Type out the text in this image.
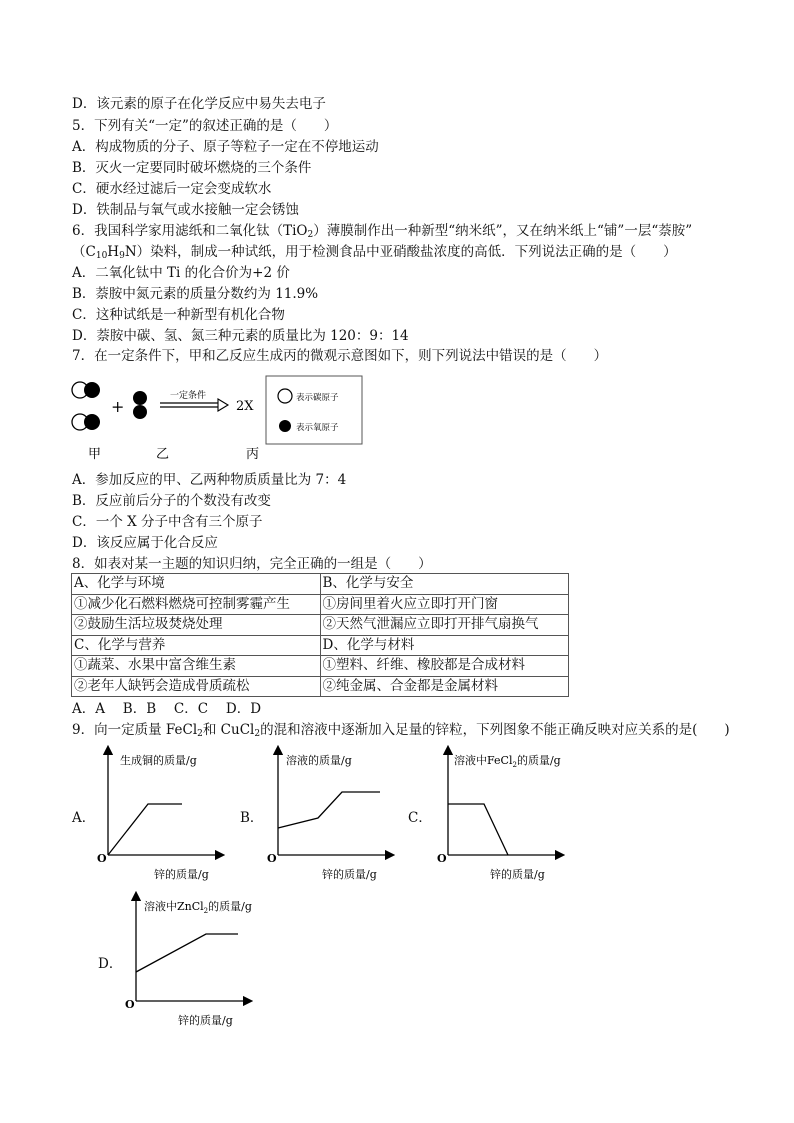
D．该元素的原子在化学反应中易失去电子
5．下列有关“一定”的叙述正确的是（　　）
A．构成物质的分子、原子等粒子一定在不停地运动
B．灭火一定要同时破坏燃烧的三个条件
C．硬水经过滤后一定会变成软水
D．铁制品与氧气或水接触一定会锈蚀
6．我国科学家用滤纸和二氧化钛（TiO$_2$）薄膜制作出一种新型“纳米纸”，又在纳米纸上“铺”一层“萘胺”
$(C_{10}H_9N)$染料，制成一种试纸，用于检测食品中亚硝酸盐浓度的高低．下列说法正确的是（　　）
A．二氧化钛中 Ti 的化合价为+2 价
B．萘胺中氮元素的质量分数约为 11.9%
C．这种试纸是一种新型有机化合物
D．萘胺中碳、氢、氮三种元素的质量比为 120：9：14
7．在一定条件下，甲和乙反应生成丙的微观示意图如下，则下列说法中错误的是（　　）
+
一定条件
2X
表示碳原子
表示氧原子
甲	乙	丙
A．参加反应的甲、乙两种物质质量比为 7：4
B．反应前后分子的个数没有改变
C．一个 X 分子中含有三个原子
D．该反应属于化合反应
8．如表对某一主题的知识归纳，完全正确的一组是（　　）
A、化学与环境	B、化学与安全
①减少化石燃料燃烧可控制雾霾产生	①房间里着火应立即打开门窗
②鼓励生活垃圾焚烧处理	②天然气泄漏应立即打开排气扇换气
C、化学与营养	D、化学与材料
①蔬菜、水果中富含维生素	①塑料、纤维、橡胶都是合成材料
②老年人缺钙会造成骨质疏松	②纯金属、合金都是金属材料
A．A　 B．B　 C．C　 D．D
9．向一定质量 FeCl$_2$和 CuCl$_2$的混和溶液中逐渐加入足量的锌粒，下列图象不能正确反映对应关系的是(　　)
A．
生成铜的质量/g
O
锌的质量/g
B．
溶液的质量/g
O
锌的质量/g
C．
溶液中FeCl$_2$的质量/g
O
锌的质量/g
D．
溶液中ZnCl$_2$的质量/g
O
锌的质量/g
